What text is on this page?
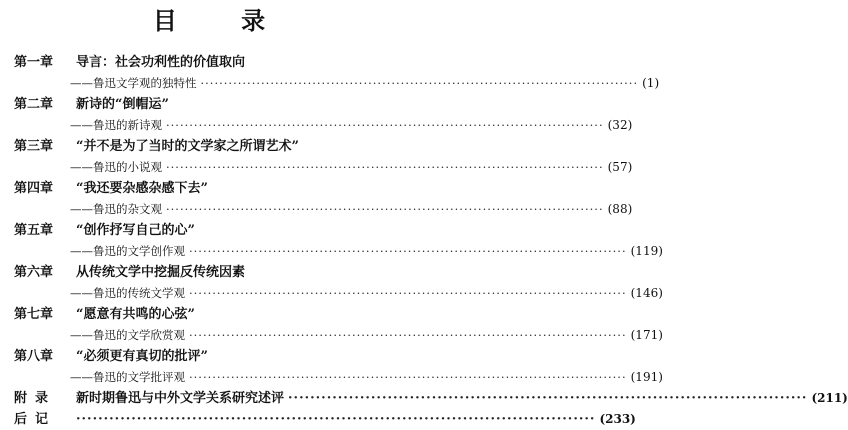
目 录
第一章 导言：社会功利性的价值取向
——鲁迅文学观的独特性 ······························································································ (1)
第二章 新诗的“倒帽运”
——鲁迅的新诗观 ······························································································ (32)
第三章 “并不是为了当时的文学家之所谓艺术”
——鲁迅的小说观 ······························································································ (57)
第四章 “我还要杂感杂感下去”
——鲁迅的杂文观 ······························································································ (88)
第五章 “创作抒写自己的心”
——鲁迅的文学创作观 ······························································································ (119)
第六章 从传统文学中挖掘反传统因素
——鲁迅的传统文学观 ······························································································ (146)
第七章 “愿意有共鸣的心弦”
——鲁迅的文学欣赏观 ······························································································ (171)
第八章 “必须更有真切的批评”
——鲁迅的文学批评观 ······························································································ (191)
附录	新时期鲁迅与中外文学关系研究述评 ······························································································ (211)
后记	······························································································ (233)
